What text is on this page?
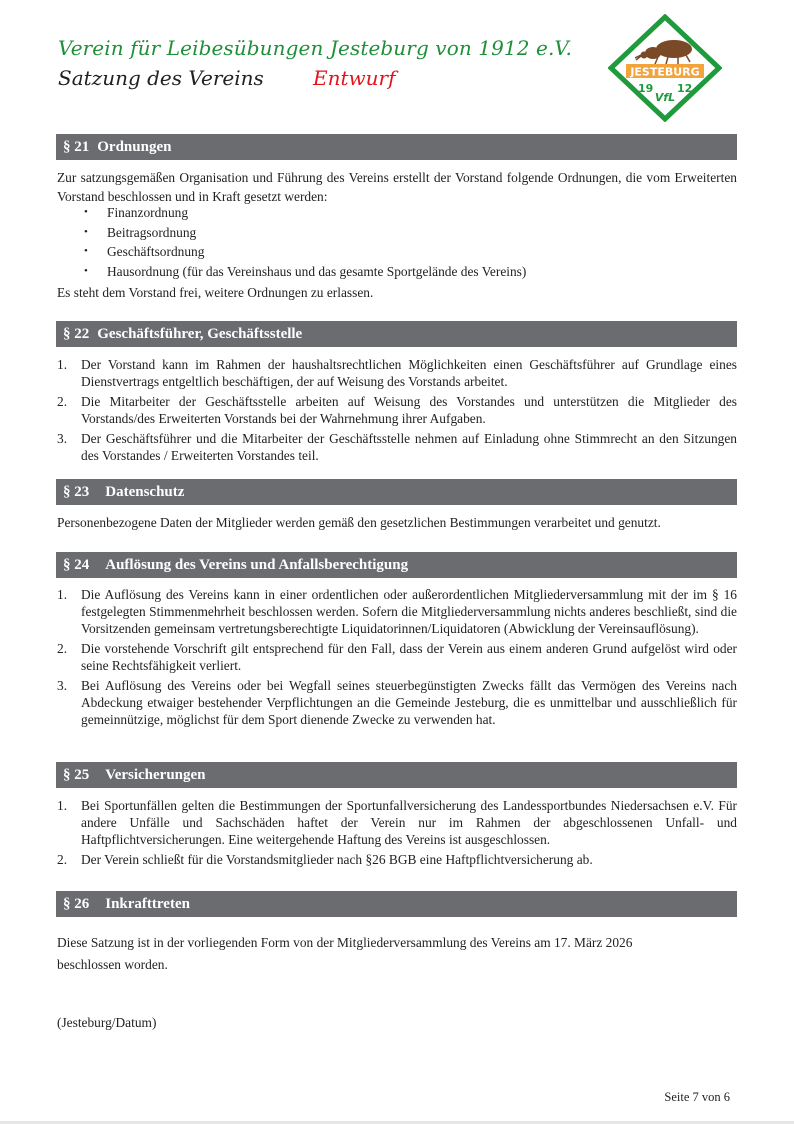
Verein für Leibesübungen Jesteburg von 1912 e.V.
Satzung des Vereins Entwurf	JESTEBURG
19 12
VfL
§ 21 Ordnungen
Zur satzungsgemäßen Organisation und Führung des Vereins erstellt der Vorstand folgende Ordnungen, die vom Erweiterten Vorstand beschlossen und in Kraft gesetzt werden:
• Finanzordnung
• Beitragsordnung
• Geschäftsordnung
• Hausordnung (für das Vereinshaus und das gesamte Sportgelände des Vereins)
Es steht dem Vorstand frei, weitere Ordnungen zu erlassen.
§ 22 Geschäftsführer, Geschäftsstelle
1. Der Vorstand kann im Rahmen der haushaltsrechtlichen Möglichkeiten einen Geschäftsführer auf Grundlage eines Dienstvertrags entgeltlich beschäftigen, der auf Weisung des Vorstands arbeitet.
2. Die Mitarbeiter der Geschäftsstelle arbeiten auf Weisung des Vorstandes und unterstützen die Mitglieder des Vorstands/des Erweiterten Vorstands bei der Wahrnehmung ihrer Aufgaben.
3. Der Geschäftsführer und die Mitarbeiter der Geschäftsstelle nehmen auf Einladung ohne Stimmrecht an den Sitzungen des Vorstandes / Erweiterten Vorstandes teil.
§ 23 Datenschutz
Personenbezogene Daten der Mitglieder werden gemäß den gesetzlichen Bestimmungen verarbeitet und genutzt.
§ 24 Auflösung des Vereins und Anfallsberechtigung
1. Die Auflösung des Vereins kann in einer ordentlichen oder außerordentlichen Mitgliederversammlung mit der im § 16 festgelegten Stimmenmehrheit beschlossen werden. Sofern die Mitgliederversammlung nichts anderes beschließt, sind die Vorsitzenden gemeinsam vertretungsberechtigte Liquidatorinnen/Liquidatoren (Abwicklung der Vereinsauflösung).
2. Die vorstehende Vorschrift gilt entsprechend für den Fall, dass der Verein aus einem anderen Grund aufgelöst wird oder seine Rechtsfähigkeit verliert.
3. Bei Auflösung des Vereins oder bei Wegfall seines steuerbegünstigten Zwecks fällt das Vermögen des Vereins nach Abdeckung etwaiger bestehender Verpflichtungen an die Gemeinde Jesteburg, die es unmittelbar und ausschließlich für gemeinnützige, möglichst für dem Sport dienende Zwecke zu verwenden hat.
§ 25 Versicherungen
1. Bei Sportunfällen gelten die Bestimmungen der Sportunfallversicherung des Landessportbundes Niedersachsen e.V. Für andere Unfälle und Sachschäden haftet der Verein nur im Rahmen der abgeschlossenen Unfall- und Haftpflichtversicherungen. Eine weitergehende Haftung des Vereins ist ausgeschlossen.
2. Der Verein schließt für die Vorstandsmitglieder nach §26 BGB eine Haftpflichtversicherung ab.
§ 26 Inkrafttreten
Diese Satzung ist in der vorliegenden Form von der Mitgliederversammlung des Vereins am 17. März 2026 beschlossen worden.
(Jesteburg/Datum)
Seite 7 von 6
